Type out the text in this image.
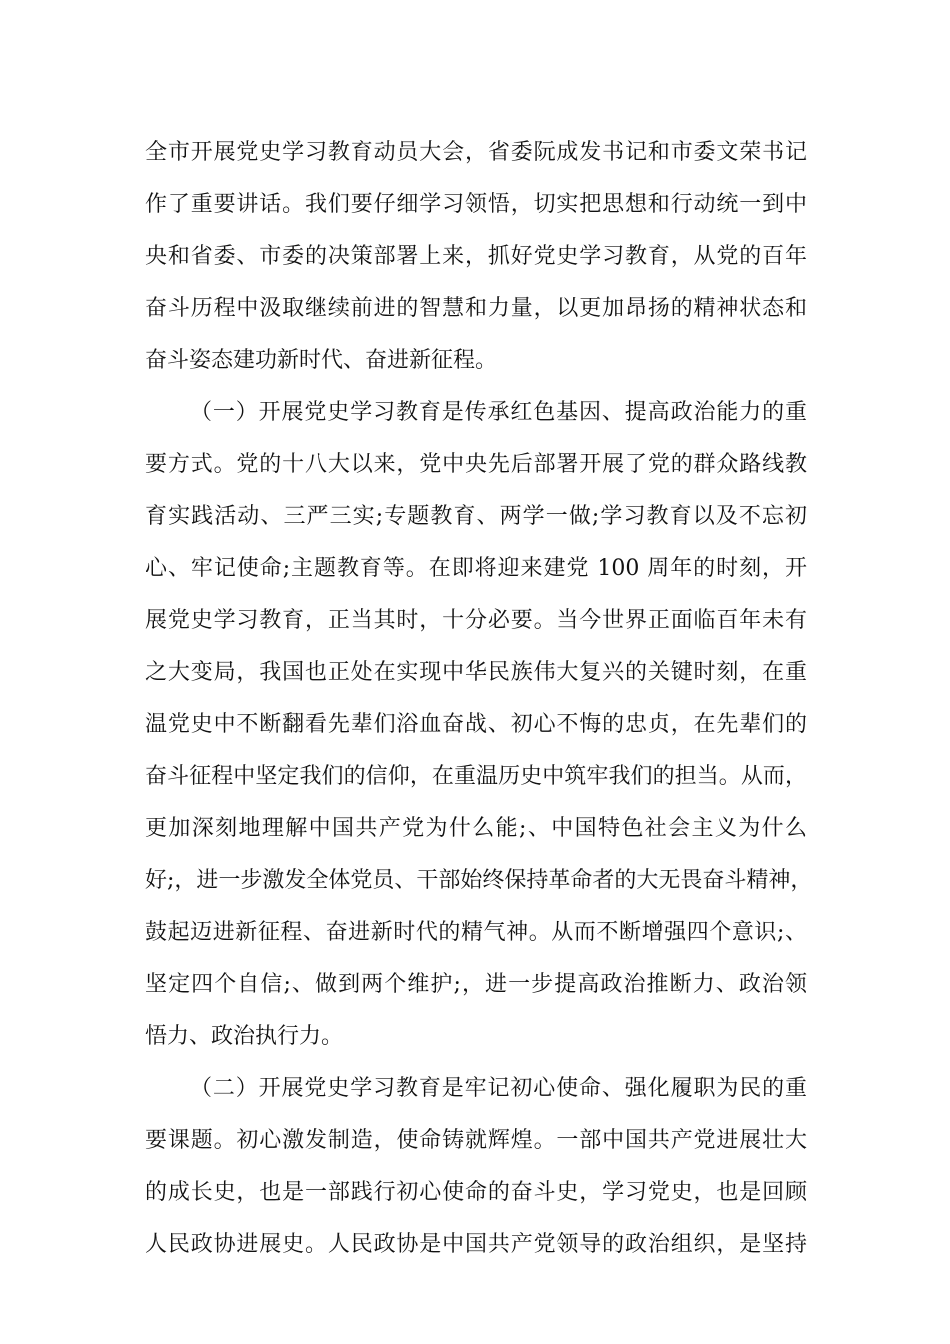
全市开展党史学习教育动员大会，省委阮成发书记和市委文荣书记
作了重要讲话。我们要仔细学习领悟，切实把思想和行动统一到中
央和省委、市委的决策部署上来，抓好党史学习教育，从党的百年
奋斗历程中汲取继续前进的智慧和力量，以更加昂扬的精神状态和
奋斗姿态建功新时代、奋进新征程。
（一）开展党史学习教育是传承红色基因、提高政治能力的重
要方式。党的十八大以来，党中央先后部署开展了党的群众路线教
育实践活动、三严三实;专题教育、两学一做;学习教育以及不忘初
心、牢记使命;主题教育等。在即将迎来建党 100 周年的时刻，开
展党史学习教育，正当其时，十分必要。当今世界正面临百年未有
之大变局，我国也正处在实现中华民族伟大复兴的关键时刻，在重
温党史中不断翻看先辈们浴血奋战、初心不悔的忠贞，在先辈们的
奋斗征程中坚定我们的信仰，在重温历史中筑牢我们的担当。从而，
更加深刻地理解中国共产党为什么能;、中国特色社会主义为什么
好;，进一步激发全体党员、干部始终保持革命者的大无畏奋斗精神，
鼓起迈进新征程、奋进新时代的精气神。从而不断增强四个意识;、
坚定四个自信;、做到两个维护;，进一步提高政治推断力、政治领
悟力、政治执行力。
（二）开展党史学习教育是牢记初心使命、强化履职为民的重
要课题。初心激发制造，使命铸就辉煌。一部中国共产党进展壮大
的成长史，也是一部践行初心使命的奋斗史，学习党史，也是回顾
人民政协进展史。人民政协是中国共产党领导的政治组织，是坚持
